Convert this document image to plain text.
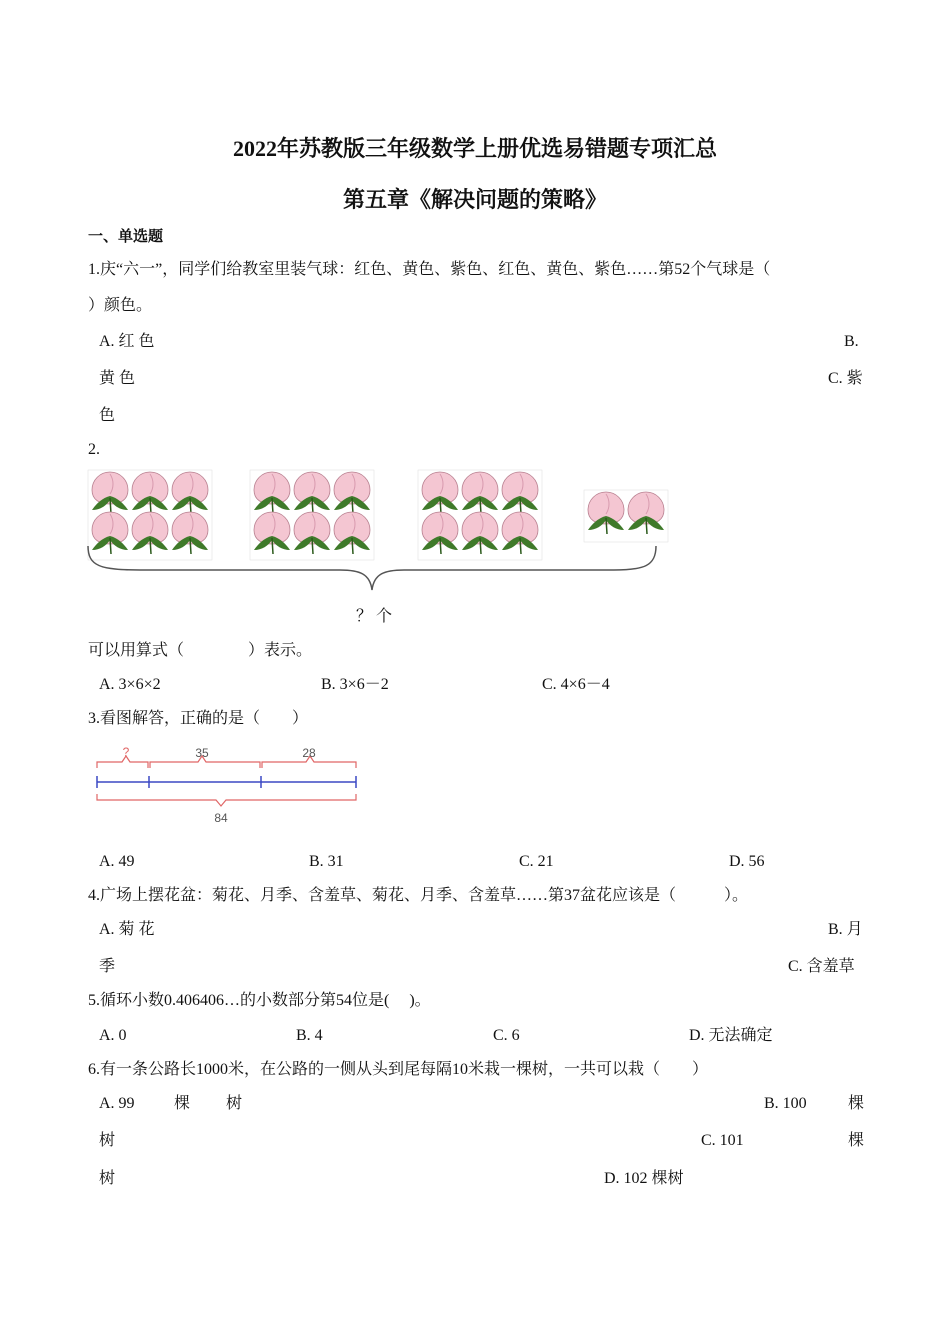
2022年苏教版三年级数学上册优选易错题专项汇总
第五章《解决问题的策略》
一、单选题
1.庆“六一”，同学们给教室里装气球：红色、黄色、紫色、红色、黄色、紫色……第52个气球是（
）颜色。
A. 红 色	B.
黄 色	C. 紫
色
2.
？ 个
可以用算式（　　　　）表示。
A. 3×6×2	B. 3×6－2	C. 4×6－4
3.看图解答，正确的是（　　）
?	35	28
84
A. 49	B. 31	C. 21	D. 56
4.广场上摆花盆：菊花、月季、含羞草、菊花、月季、含羞草……第37盆花应该是（　　　）。
A. 菊 花	B. 月
季	C. 含羞草
5.循环小数0.406406…的小数部分第54位是(　 )。
A. 0	B. 4	C. 6	D. 无法确定
6.有一条公路长1000米，在公路的一侧从头到尾每隔10米栽一棵树，一共可以栽（　　）
A. 99 棵 树	B. 100	棵
树	C. 101	棵
树	D. 102 棵树
